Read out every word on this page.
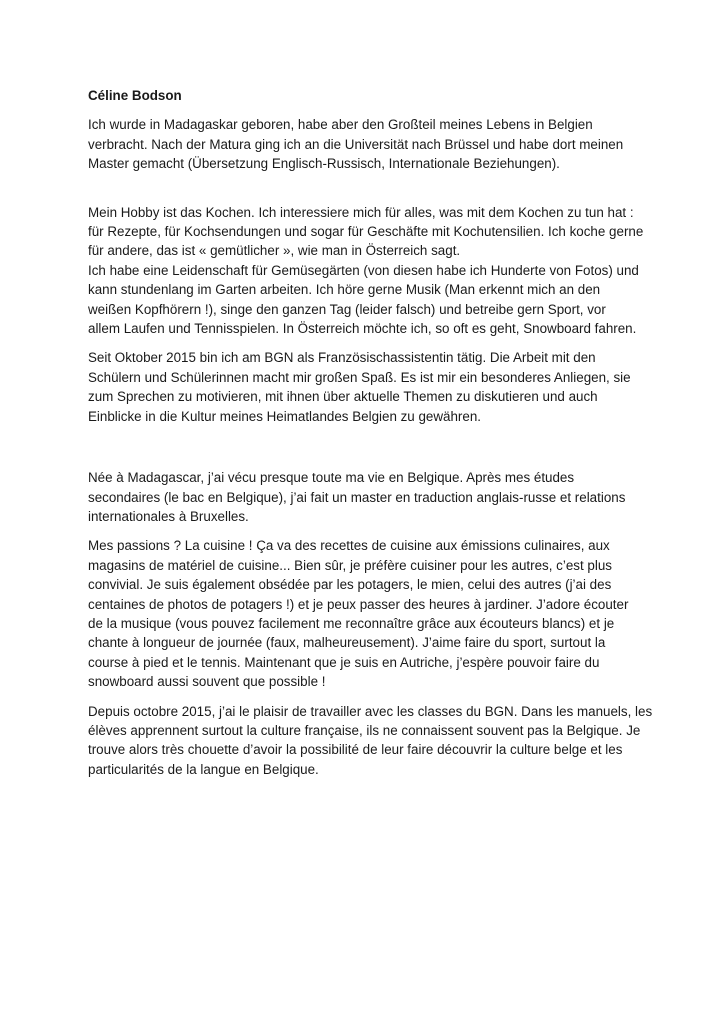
Céline Bodson
Ich wurde in Madagaskar geboren, habe aber den Großteil meines Lebens in Belgien
verbracht. Nach der Matura ging ich an die Universität nach Brüssel und habe dort meinen
Master gemacht (Übersetzung Englisch-Russisch, Internationale Beziehungen).
Mein Hobby ist das Kochen. Ich interessiere mich für alles, was mit dem Kochen zu tun hat :
für Rezepte, für Kochsendungen und sogar für Geschäfte mit Kochutensilien. Ich koche gerne
für andere, das ist « gemütlicher », wie man in Österreich sagt.
Ich habe eine Leidenschaft für Gemüsegärten (von diesen habe ich Hunderte von Fotos) und
kann stundenlang im Garten arbeiten. Ich höre gerne Musik (Man erkennt mich an den
weißen Kopfhörern !), singe den ganzen Tag (leider falsch) und betreibe gern Sport, vor
allem Laufen und Tennisspielen. In Österreich möchte ich, so oft es geht, Snowboard fahren.
Seit Oktober 2015 bin ich am BGN als Französischassistentin tätig. Die Arbeit mit den
Schülern und Schülerinnen macht mir großen Spaß. Es ist mir ein besonderes Anliegen, sie
zum Sprechen zu motivieren, mit ihnen über aktuelle Themen zu diskutieren und auch
Einblicke in die Kultur meines Heimatlandes Belgien zu gewähren.
Née à Madagascar, j’ai vécu presque toute ma vie en Belgique. Après mes études
secondaires (le bac en Belgique), j’ai fait un master en traduction anglais-russe et relations
internationales à Bruxelles.
Mes passions ? La cuisine ! Ça va des recettes de cuisine aux émissions culinaires, aux
magasins de matériel de cuisine... Bien sûr, je préfère cuisiner pour les autres, c’est plus
convivial. Je suis également obsédée par les potagers, le mien, celui des autres (j’ai des
centaines de photos de potagers !) et je peux passer des heures à jardiner. J’adore écouter
de la musique (vous pouvez facilement me reconnaître grâce aux écouteurs blancs) et je
chante à longueur de journée (faux, malheureusement). J’aime faire du sport, surtout la
course à pied et le tennis. Maintenant que je suis en Autriche, j’espère pouvoir faire du
snowboard aussi souvent que possible !
Depuis octobre 2015, j’ai le plaisir de travailler avec les classes du BGN. Dans les manuels, les
élèves apprennent surtout la culture française, ils ne connaissent souvent pas la Belgique. Je
trouve alors très chouette d’avoir la possibilité de leur faire découvrir la culture belge et les
particularités de la langue en Belgique.
